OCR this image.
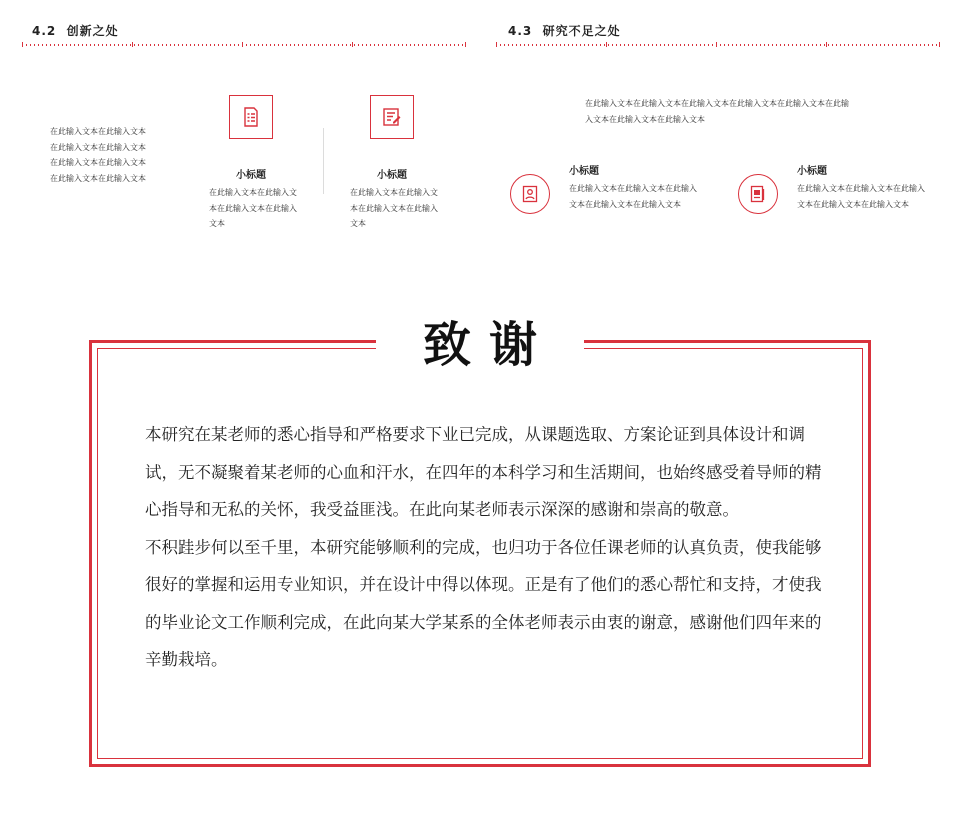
4.2  创新之处
在此输入文本在此输入文本在此输入文本在此输入文本在此输入文本在此输入文本在此输入文本在此输入文本	小标题
在此输入文本在此输入文本在此输入文本在此输入文本
小标题
在此输入文本在此输入文本在此输入文本在此输入文本
4.3  研究不足之处
在此输入文本在此输入文本在此输入文本在此输入文本在此输入文本在此输入文本在此输入文本在此输入文本
小标题
在此输入文本在此输入文本在此输入文本在此输入文本在此输入文本
小标题
在此输入文本在此输入文本在此输入文本在此输入文本在此输入文本
致谢

本研究在某老师的悉心指导和严格要求下业已完成，从课题选取、方案论证到具体设计和调试，无不凝聚着某老师的心血和汗水，在四年的本科学习和生活期间，也始终感受着导师的精心指导和无私的关怀，我受益匪浅。在此向某老师表示深深的感谢和崇高的敬意。

不积跬步何以至千里，本研究能够顺利的完成，也归功于各位任课老师的认真负责，使我能够很好的掌握和运用专业知识，并在设计中得以体现。正是有了他们的悉心帮忙和支持，才使我的毕业论文工作顺利完成，在此向某大学某系的全体老师表示由衷的谢意，感谢他们四年来的辛勤栽培。
